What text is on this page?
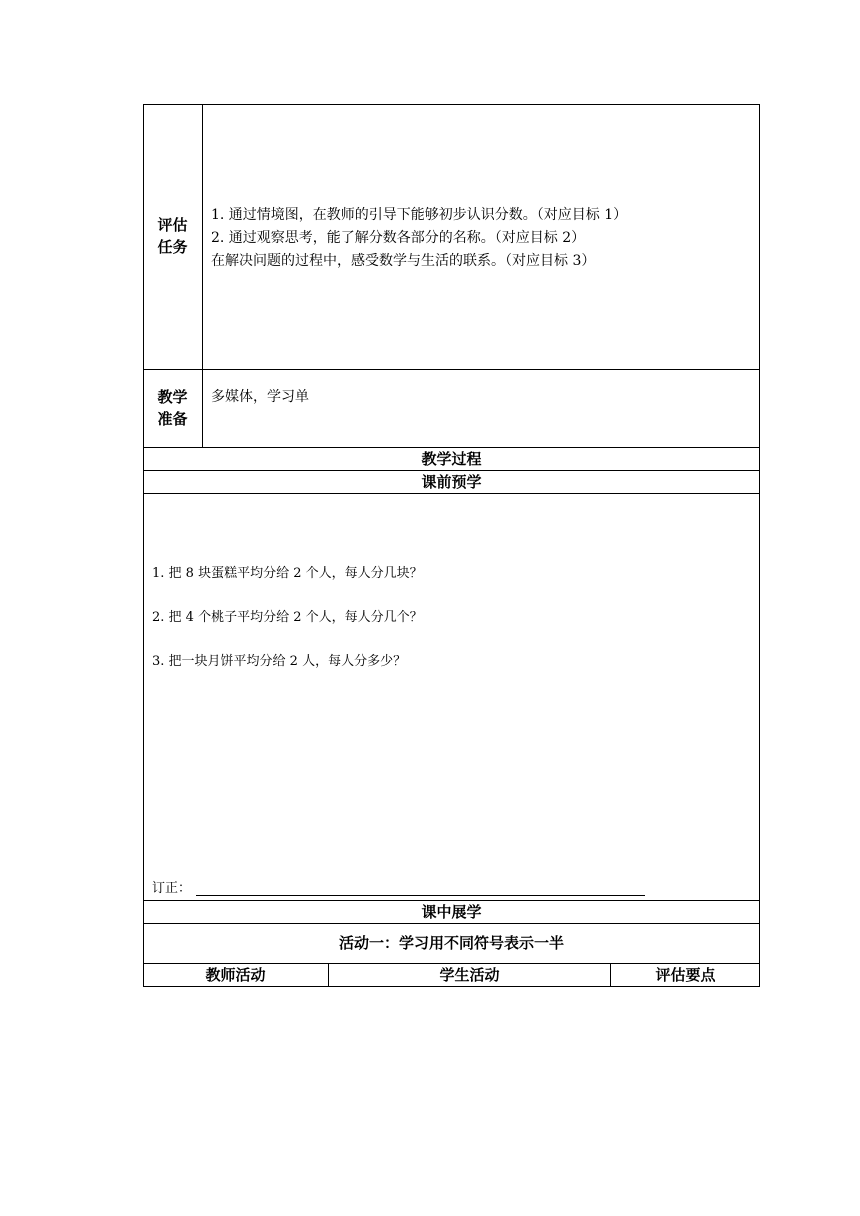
评估
任务
1. 通过情境图，在教师的引导下能够初步认识分数。（对应目标 1）
2. 通过观察思考，能了解分数各部分的名称。（对应目标 2）
在解决问题的过程中，感受数学与生活的联系。（对应目标 3）
教学
准备
多媒体，学习单
教学过程
课前预学
1. 把 8 块蛋糕平均分给 2 个人，每人分几块？
2. 把 4 个桃子平均分给 2 个人，每人分几个？
3. 把一块月饼平均分给 2 人，每人分多少？
订正：
课中展学
活动一：学习用不同符号表示一半
教师活动	学生活动	评估要点
